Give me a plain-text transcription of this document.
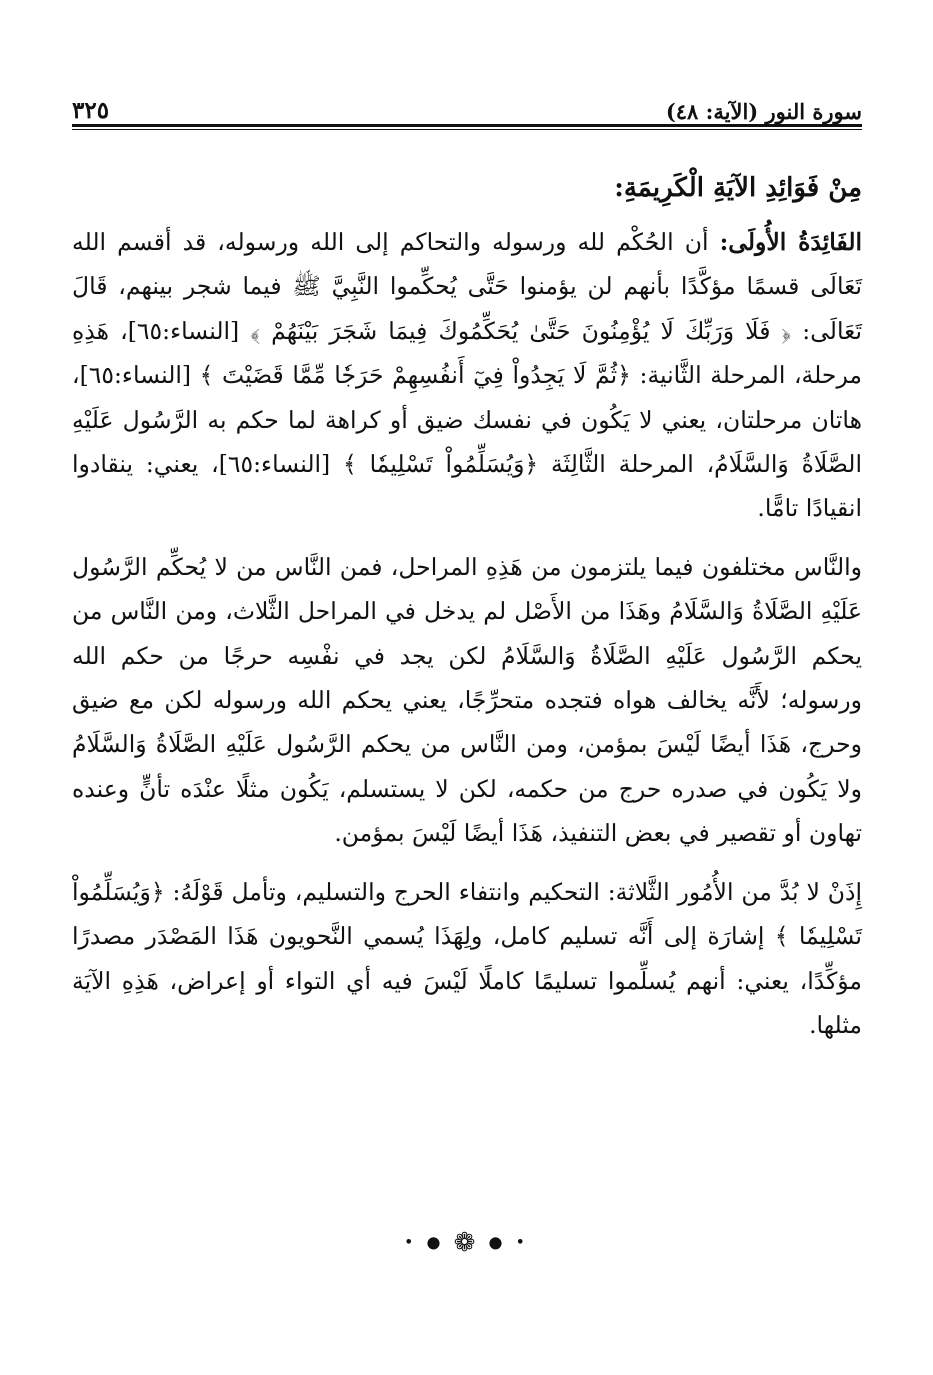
سورة النور (الآية: ٤٨)
٣٢٥
مِنْ فَوَائِدِ الآيَةِ الْكَرِيمَةِ:

الفَائِدَةُ الأُولَى: أن الحُكْم لله ورسوله والتحاكم إلى الله ورسوله، قد أقسم الله تَعَالَى قسمًا مؤكَّدًا بأنهم لن يؤمنوا حَتَّى يُحكِّموا النَّبِيَّ ﷺ فيما شجر بينهم، قَالَ تَعَالَى: ﴿ فَلَا وَرَبِّكَ لَا يُؤْمِنُونَ حَتَّىٰ يُحَكِّمُوكَ فِيمَا شَجَرَ بَيْنَهُمْ ﴾ [النساء:٦٥]، هَذِهِ مرحلة، المرحلة الثَّانية: ﴿ثُمَّ لَا يَجِدُواْ فِيٓ أَنفُسِهِمْ حَرَجٗا مِّمَّا قَضَيْتَ ﴾ [النساء:٦٥]، هاتان مرحلتان، يعني لا يَكُون في نفسك ضيق أو كراهة لما حكم به الرَّسُول عَلَيْهِ الصَّلَاةُ وَالسَّلَامُ، المرحلة الثَّالِثَة ﴿وَيُسَلِّمُواْ تَسْلِيمٗا ﴾ [النساء:٦٥]، يعني: ينقادوا انقيادًا تامًّا.

والنَّاس مختلفون فيما يلتزمون من هَذِهِ المراحل، فمن النَّاس من لا يُحكِّم الرَّسُول عَلَيْهِ الصَّلَاةُ وَالسَّلَامُ وهَذَا من الأَصْل لم يدخل في المراحل الثَّلاث، ومن النَّاس من يحكم الرَّسُول عَلَيْهِ الصَّلَاةُ وَالسَّلَامُ لكن يجد في نفْسِه حرجًا من حكم الله ورسوله؛ لأَنَّه يخالف هواه فتجده متحرِّجًا، يعني يحكم الله ورسوله لكن مع ضيق وحرج، هَذَا أيضًا لَيْسَ بمؤمن، ومن النَّاس من يحكم الرَّسُول عَلَيْهِ الصَّلَاةُ وَالسَّلَامُ ولا يَكُون في صدره حرج من حكمه، لكن لا يستسلم، يَكُون مثلًا عنْدَه تأنٍّ وعنده تهاون أو تقصير في بعض التنفيذ، هَذَا أيضًا لَيْسَ بمؤمن.

إِذَنْ لا بُدَّ من الأُمُور الثَّلاثة: التحكيم وانتفاء الحرج والتسليم، وتأمل قَوْلَهُ: ﴿وَيُسَلِّمُواْ تَسْلِيمٗا ﴾ إشارَة إلى أَنَّه تسليم كامل، ولِهَذَا يُسمي النَّحويون هَذَا المَصْدَر مصدرًا مؤكِّدًا، يعني: أنهم يُسلِّموا تسليمًا كاملًا لَيْسَ فيه أي التواء أو إعراض، هَذِهِ الآيَة مثلها.

• ● ❁ ● •
